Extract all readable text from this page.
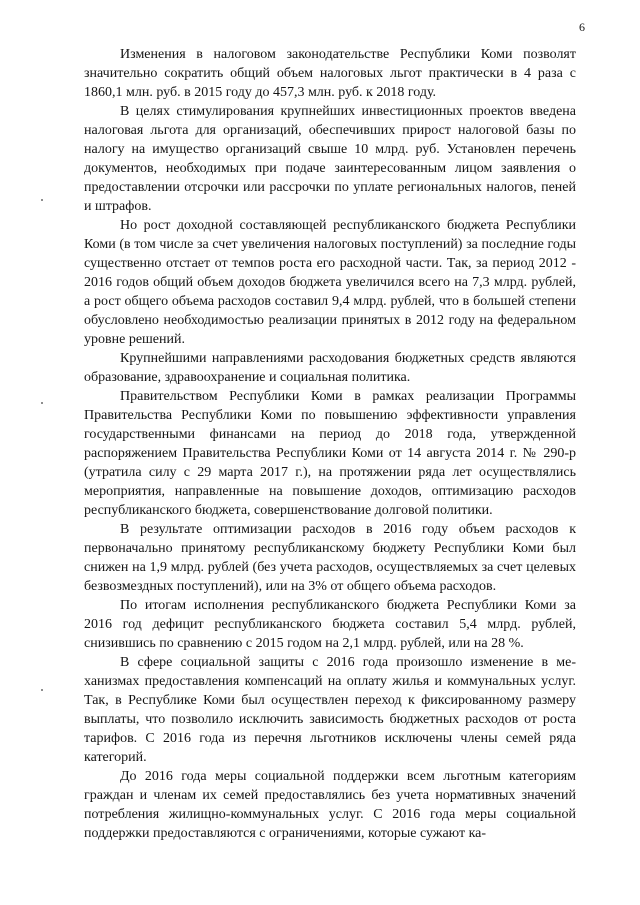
6

Изменения в налоговом законодательстве Республики Коми позволят значительно сократить общий объем налоговых льгот практически в 4 раза с 1860,1 млн. руб. в 2015 году до 457,3 млн. руб. к 2018 году.

В целях стимулирования крупнейших инвестиционных проектов введена налоговая льгота для организаций, обеспечивших прирост налоговой базы по налогу на имущество организаций свыше 10 млрд. руб. Установлен перечень документов, необходимых при подаче заинтересованным лицом заявления о предоставлении отсрочки или рассрочки по уплате региональных налогов, пеней и штрафов.

Но рост доходной составляющей республиканского бюджета Республики Коми (в том числе за счет увеличения налоговых поступлений) за последние годы существенно отстает от темпов роста его расходной части. Так, за период 2012 - 2016 годов общий объем доходов бюджета увеличился всего на 7,3 млрд. рублей, а рост общего объема расходов составил 9,4 млрд. рублей, что в большей степени обусловлено необходимостью реализации принятых в 2012 году на федеральном уровне решений.

Крупнейшими направлениями расходования бюджетных средств являются образование, здравоохранение и социальная политика.

Правительством Республики Коми в рамках реализации Программы Правительства Республики Коми по повышению эффективности управления государственными финансами на период до 2018 года, утвержденной распоряжением Правительства Республики Коми от 14 августа 2014 г. № 290-р (утратила силу с 29 марта 2017 г.), на протяжении ряда лет осуществлялись мероприятия, направленные на повышение доходов, оптимизацию расходов республиканского бюджета, совершенствование долговой политики.

В результате оптимизации расходов в 2016 году объем расходов к первоначально принятому республиканскому бюджету Республики Коми был снижен на 1,9 млрд. рублей (без учета расходов, осуществляемых за счет целевых безвозмездных поступлений), или на 3% от общего объема расходов.

По итогам исполнения республиканского бюджета Республики Коми за 2016 год дефицит республиканского бюджета составил 5,4 млрд. рублей, снизившись по сравнению с 2015 годом на 2,1 млрд. рублей, или на 28 %.

В сфере социальной защиты с 2016 года произошло изменение в механизмах предоставления компенсаций на оплату жилья и коммунальных услуг. Так, в Республике Коми был осуществлен переход к фиксированному размеру выплаты, что позволило исключить зависимость бюджетных расходов от роста тарифов. С 2016 года из перечня льготников исключены члены семей ряда категорий.

До 2016 года меры социальной поддержки всем льготным категориям граждан и членам их семей предоставлялись без учета нормативных значений потребления жилищно-коммунальных услуг. С 2016 года меры социальной поддержки предоставляются с ограничениями, которые сужают ка-
